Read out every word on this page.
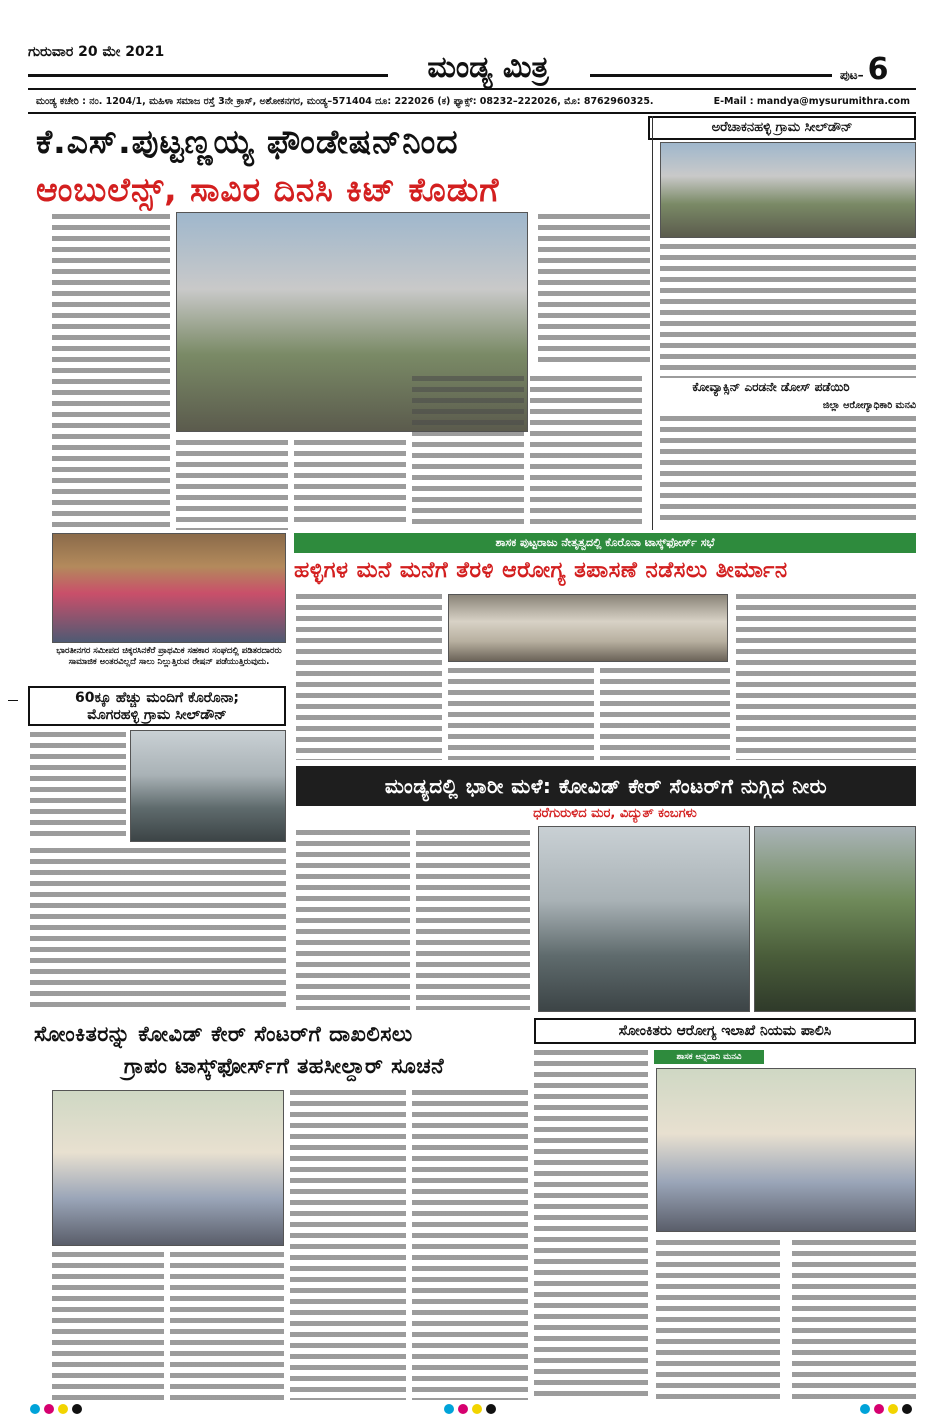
ಗುರುವಾರ 20 ಮೇ 2021	ಮಂಡ್ಯ ಮಿತ್ರ	ಪುಟ– 6
ಮಂಡ್ಯ ಕಚೇರಿ : ನಂ. 1204/1, ಮಹಿಳಾ ಸಮಾಜ ರಸ್ತೆ 3ನೇ ಕ್ರಾಸ್, ಅಶೋಕನಗರ, ಮಂಡ್ಯ–571404 ದೂ: 222026 (ಕ) ಫ್ಯಾಕ್ಸ್: 08232–222026, ಮೊ: 8762960325.	E-Mail : mandya@mysurumithra.com
ಕೆ.ಎಸ್.ಪುಟ್ಟಣ್ಣಯ್ಯ ಫೌಂಡೇಷನ್‌ನಿಂದ
ಆಂಬುಲೆನ್ಸ್, ಸಾವಿರ ದಿನಸಿ ಕಿಟ್ ಕೊಡುಗೆ
ಅರೆಚಾಕನಹಳ್ಳಿ ಗ್ರಾಮ ಸೀಲ್‌ಡೌನ್
ಕೋವ್ಯಾಕ್ಸಿನ್ ಎರಡನೇ ಡೋಸ್ ಪಡೆಯಿರಿ
ಜಿಲ್ಲಾ ಆರೋಗ್ಯಾಧಿಕಾರಿ ಮನವಿ
ಭಾರತೀನಗರ ಸಮೀಪದ ಚಿಕ್ಕರಸಿನಕೆರೆ ಪ್ರಾಥಮಿಕ ಸಹಕಾರ ಸಂಘದಲ್ಲಿ ಪಡಿತರದಾರರು ಸಾಮಾಜಿಕ ಅಂತರವಿಲ್ಲದೆ ಸಾಲು ನಿಲ್ಲುತ್ತಿರುವ ರೇಷನ್ ಪಡೆಯುತ್ತಿರುವುದು.
60ಕ್ಕೂ ಹೆಚ್ಚು ಮಂದಿಗೆ ಕೊರೊನಾ;
ಮೊಗರಹಳ್ಳಿ ಗ್ರಾಮ ಸೀಲ್‌ಡೌನ್
ಶಾಸಕ ಪುಟ್ಟರಾಜು ನೇತೃತ್ವದಲ್ಲಿ ಕೊರೊನಾ ಟಾಸ್ಕ್‌ಫೋರ್ಸ್ ಸಭೆ
ಹಳ್ಳಿಗಳ ಮನೆ ಮನೆಗೆ ತೆರಳಿ ಆರೋಗ್ಯ ತಪಾಸಣೆ ನಡೆಸಲು ತೀರ್ಮಾನ
ಮಂಡ್ಯದಲ್ಲಿ ಭಾರೀ ಮಳೆ: ಕೋವಿಡ್ ಕೇರ್ ಸೆಂಟರ್‌ಗೆ ನುಗ್ಗಿದ ನೀರು
ಧರೆಗುರುಳಿದ ಮರ, ವಿದ್ಯುತ್ ಕಂಬಗಳು
ಸೋಂಕಿತರನ್ನು ಕೋವಿಡ್ ಕೇರ್ ಸೆಂಟರ್‌ಗೆ ದಾಖಲಿಸಲು
ಗ್ರಾಪಂ ಟಾಸ್ಕ್‌ಫೋರ್ಸ್‌ಗೆ ತಹಸೀಲ್ದಾರ್ ಸೂಚನೆ
ಸೋಂಕಿತರು ಆರೋಗ್ಯ ಇಲಾಖೆ ನಿಯಮ ಪಾಲಿಸಿ
ಶಾಸಕ ಅನ್ನದಾನಿ ಮನವಿ
